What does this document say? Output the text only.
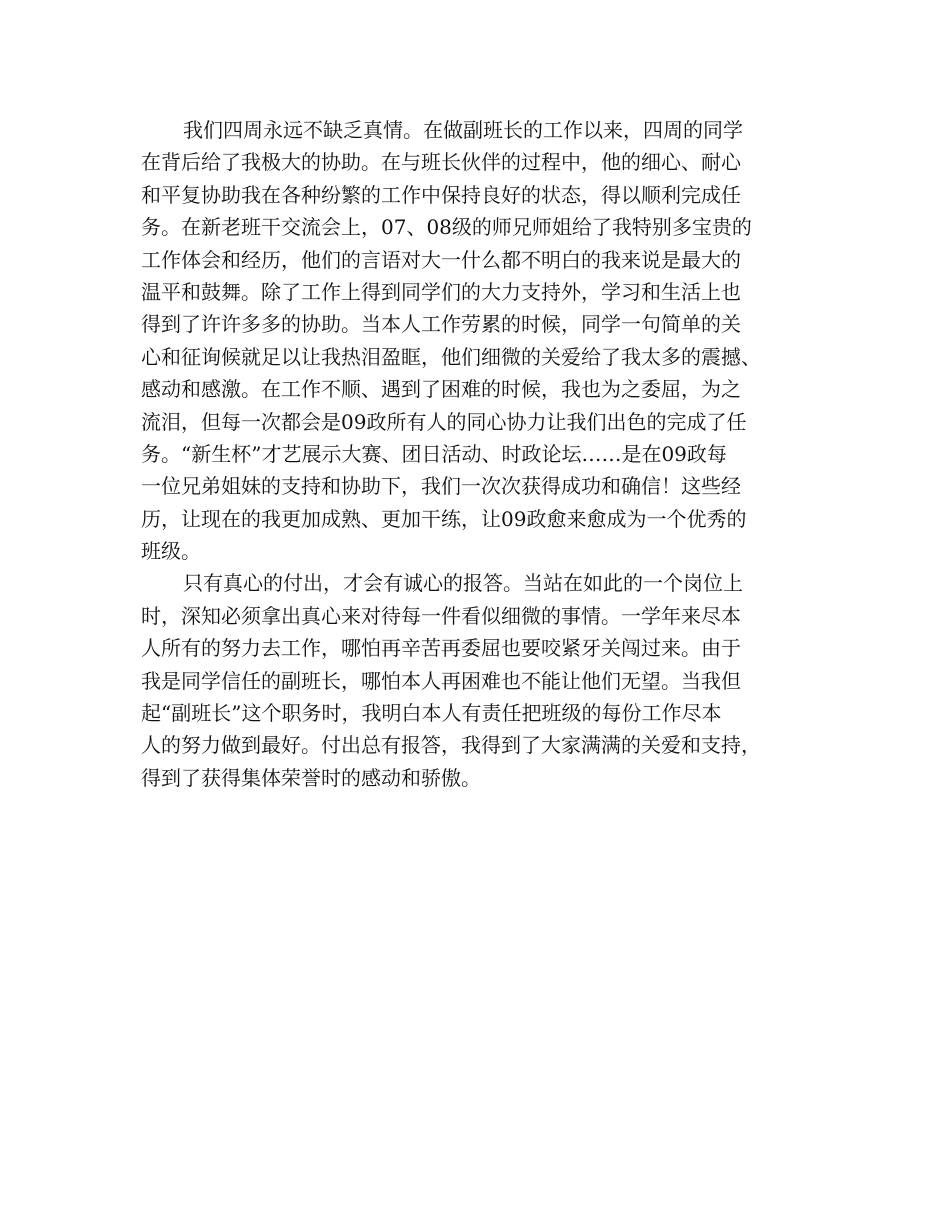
我们四周永远不缺乏真情。在做副班长的工作以来，四周的同学
在背后给了我极大的协助。在与班长伙伴的过程中，他的细心、耐心
和平复协助我在各种纷繁的工作中保持良好的状态，得以顺利完成任
务。在新老班干交流会上，07、08级的师兄师姐给了我特别多宝贵的
工作体会和经历，他们的言语对大一什么都不明白的我来说是最大的
温平和鼓舞。除了工作上得到同学们的大力支持外，学习和生活上也
得到了许许多多的协助。当本人工作劳累的时候，同学一句简单的关
心和征询候就足以让我热泪盈眶，他们细微的关爱给了我太多的震撼、
感动和感激。在工作不顺、遇到了困难的时候，我也为之委屈，为之
流泪，但每一次都会是09政所有人的同心协力让我们出色的完成了任
务。“新生杯”才艺展示大赛、团日活动、时政论坛……是在09政每
一位兄弟姐妹的支持和协助下，我们一次次获得成功和确信！这些经
历，让现在的我更加成熟、更加干练，让09政愈来愈成为一个优秀的
班级。
只有真心的付出，才会有诚心的报答。当站在如此的一个岗位上
时，深知必须拿出真心来对待每一件看似细微的事情。一学年来尽本
人所有的努力去工作，哪怕再辛苦再委屈也要咬紧牙关闯过来。由于
我是同学信任的副班长，哪怕本人再困难也不能让他们无望。当我但
起“副班长”这个职务时，我明白本人有责任把班级的每份工作尽本
人的努力做到最好。付出总有报答，我得到了大家满满的关爱和支持，
得到了获得集体荣誉时的感动和骄傲。
